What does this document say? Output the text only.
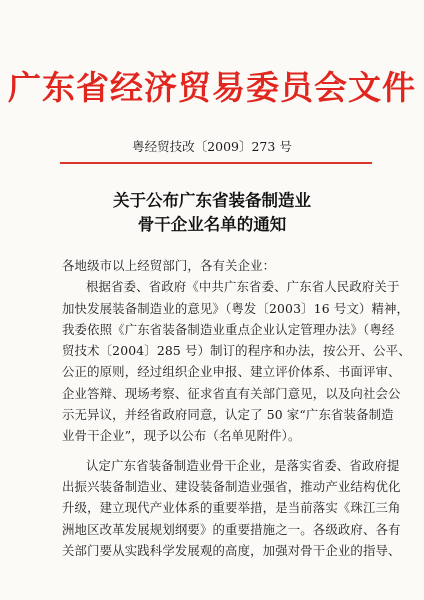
广东省经济贸易委员会文件
粤经贸技改〔2009〕273 号
关于公布广东省装备制造业
骨干企业名单的通知
各地级市以上经贸部门，各有关企业：
根据省委、省政府《中共广东省委、广东省人民政府关于
加快发展装备制造业的意见》（粤发〔2003〕16 号文）精神，
我委依照《广东省装备制造业重点企业认定管理办法》（粤经
贸技术〔2004〕285 号）制订的程序和办法，按公开、公平、
公正的原则，经过组织企业申报、建立评价体系、书面评审、
企业答辩、现场考察、征求省直有关部门意见，以及向社会公
示无异议，并经省政府同意，认定了 50 家“广东省装备制造
业骨干企业”，现予以公布（名单见附件）。
认定广东省装备制造业骨干企业，是落实省委、省政府提
出振兴装备制造业、建设装备制造业强省，推动产业结构优化
升级，建立现代产业体系的重要举措，是当前落实《珠江三角
洲地区改革发展规划纲要》的重要措施之一。各级政府、各有
关部门要从实践科学发展观的高度，加强对骨干企业的指导、
